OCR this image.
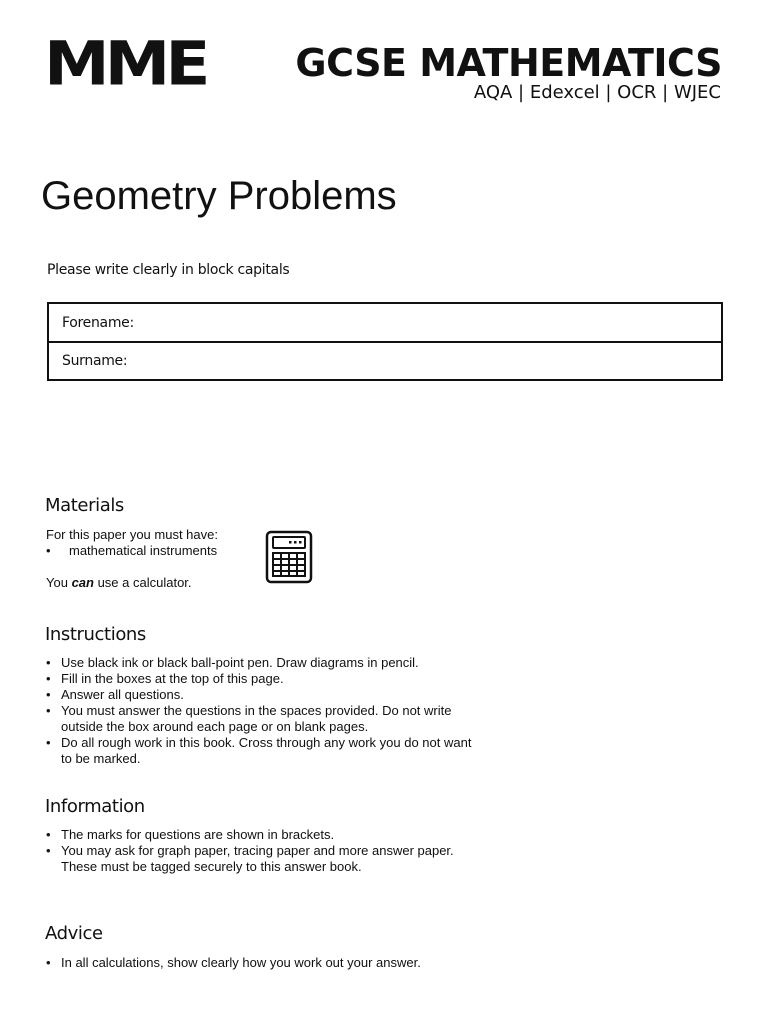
MME GCSE MATHEMATICS
AQA | Edexcel | OCR | WJEC
Geometry Problems
Please write clearly in block capitals
Forename:
Surname:
Materials
For this paper you must have:
• mathematical instruments
You can use a calculator.
Instructions
• Use black ink or black ball-point pen. Draw diagrams in pencil.
• Fill in the boxes at the top of this page.
• Answer all questions.
• You must answer the questions in the spaces provided. Do not write
outside the box around each page or on blank pages.
• Do all rough work in this book. Cross through any work you do not want
to be marked.
Information
• The marks for questions are shown in brackets.
• You may ask for graph paper, tracing paper and more answer paper.
These must be tagged securely to this answer book.
Advice
• In all calculations, show clearly how you work out your answer.
